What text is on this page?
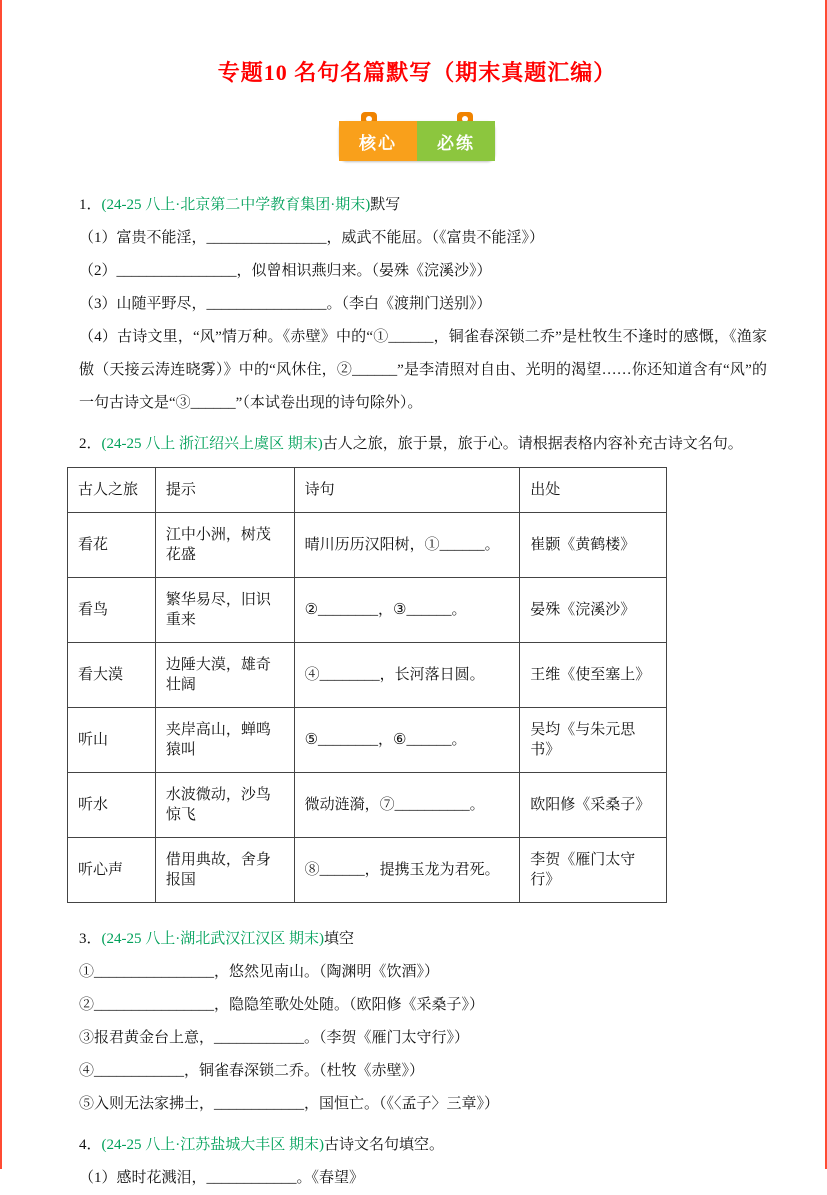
专题10 名句名篇默写（期末真题汇编）
核心	必练

1．(24-25 八上·北京第二中学教育集团·期末)默写

（1）富贵不能淫，________________，威武不能屈。（《富贵不能淫》）

（2）________________，似曾相识燕归来。（晏殊《浣溪沙》）

（3）山随平野尽，________________。（李白《渡荆门送别》）

（4）古诗文里，“风”情万种。《赤壁》中的“①______，铜雀春深锁二乔”是杜牧生不逢时的感慨，《渔家傲（天接云涛连晓雾）》中的“风休住，②______”是李清照对自由、光明的渴望……你还知道含有“风”的一句古诗文是“③______”（本试卷出现的诗句除外）。

2．(24-25 八上 浙江绍兴上虞区 期末)古人之旅，旅于景，旅于心。请根据表格内容补充古诗文名句。

古人之旅	提示	诗句	出处
看花	江中小洲，树茂花盛	晴川历历汉阳树，①______。	崔颢《黄鹤楼》
看鸟	繁华易尽，旧识重来	②________，③______。	晏殊《浣溪沙》
看大漠	边陲大漠，雄奇壮阔	④________，长河落日圆。	王维《使至塞上》
听山	夹岸高山，蝉鸣猿叫	⑤________，⑥______。	吴均《与朱元思书》
听水	水波微动，沙鸟惊飞	微动涟漪，⑦__________。	欧阳修《采桑子》
听心声	借用典故，舍身报国	⑧______，提携玉龙为君死。	李贺《雁门太守行》

3．(24-25 八上·湖北武汉江汉区 期末)填空

①________________，悠然见南山。（陶渊明《饮酒》）

②________________，隐隐笙歌处处随。（欧阳修《采桑子》）

③报君黄金台上意，____________。（李贺《雁门太守行》）

④____________，铜雀春深锁二乔。（杜牧《赤壁》）

⑤入则无法家拂士，____________，国恒亡。（《〈孟子〉三章》）

4．(24-25 八上·江苏盐城大丰区 期末)古诗文名句填空。

（1）感时花溅泪，____________。《春望》
